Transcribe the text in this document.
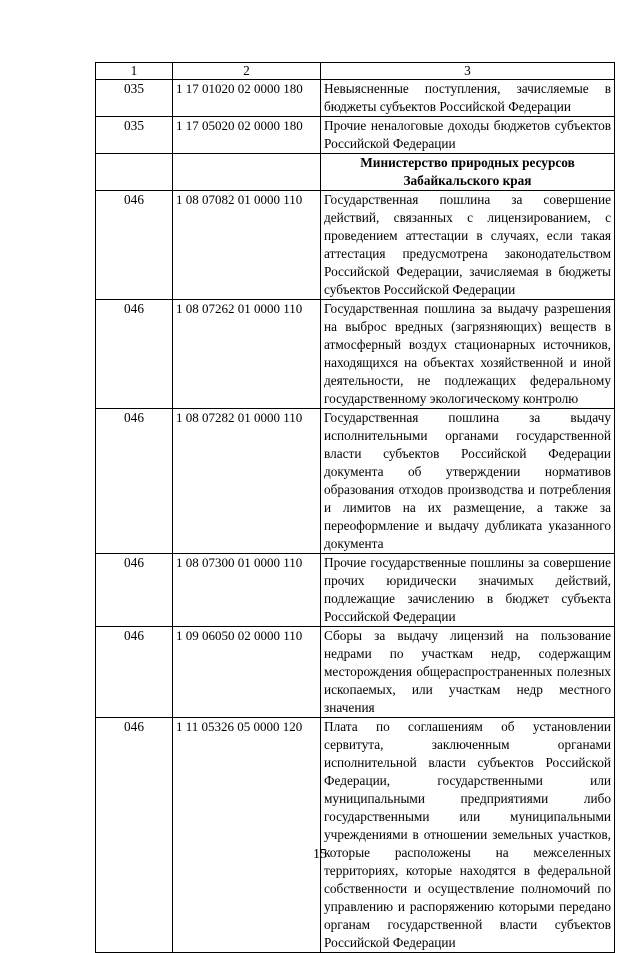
1	2	3
035	1 17 01020 02 0000 180	Невыясненные поступления, зачисляемые в бюджеты субъектов Российской Федерации
035	1 17 05020 02 0000 180	Прочие неналоговые доходы бюджетов субъектов Российской Федерации
		Министерство природных ресурсов Забайкальского края
046	1 08 07082 01 0000 110	Государственная пошлина за совершение действий, связанных с лицензированием, с проведением аттестации в случаях, если такая аттестация предусмотрена законодательством Российской Федерации, зачисляемая в бюджеты субъектов Российской Федерации
046	1 08 07262 01 0000 110	Государственная пошлина за выдачу разрешения на выброс вредных (загрязняющих) веществ в атмосферный воздух стационарных источников, находящихся на объектах хозяйственной и иной деятельности, не подлежащих федеральному государственному экологическому контролю
046	1 08 07282 01 0000 110	Государственная пошлина за выдачу исполнительными органами государственной власти субъектов Российской Федерации документа об утверждении нормативов образования отходов производства и потребления и лимитов на их размещение, а также за переоформление и выдачу дубликата указанного документа
046	1 08 07300 01 0000 110	Прочие государственные пошлины за совершение прочих юридически значимых действий, подлежащие зачислению в бюджет субъекта Российской Федерации
046	1 09 06050 02 0000 110	Сборы за выдачу лицензий на пользование недрами по участкам недр, содержащим месторождения общераспространенных полезных ископаемых, или участкам недр местного значения
046	1 11 05326 05 0000 120	Плата по соглашениям об установлении сервитута, заключенным органами исполнительной власти субъектов Российской Федерации, государственными или муниципальными предприятиями либо государственными или муниципальными учреждениями в отношении земельных участков, которые расположены на межселенных территориях, которые находятся в федеральной собственности и осуществление полномочий по управлению и распоряжению которыми передано органам государственной власти субъектов Российской Федерации
15
